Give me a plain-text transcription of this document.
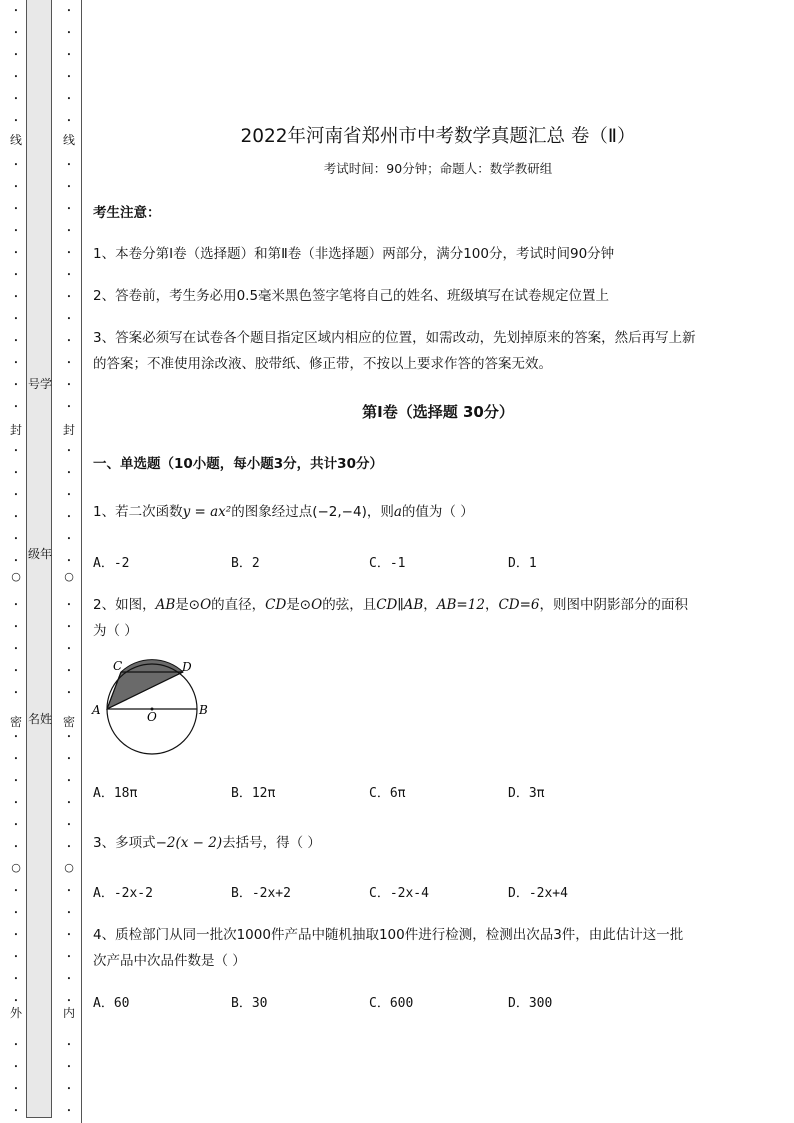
•
•
•
•
•
•
线
•
•
•
•
•
•
•
•
•
•
•
•
封
•
•
•
•
•
•
○
•
•
•
•
•
密
•
•
•
•
•
•
○
•
•
•
•
•
•
外
•
•
•
•
号学
级年
名姓
•
•
•
•
•
•
线
•
•
•
•
•
•
•
•
•
•
•
•
封
•
•
•
•
•
•
○
•
•
•
•
•
密
•
•
•
•
•
•
○
•
•
•
•
•
•
内
•
•
•
•
2022年河南省郑州市中考数学真题汇总 卷（Ⅱ）
考试时间：90分钟；命题人：数学教研组
考生注意：
1、本卷分第I卷（选择题）和第Ⅱ卷（非选择题）两部分，满分100分，考试时间90分钟
2、答卷前，考生务必用0.5毫米黑色签字笔将自己的姓名、班级填写在试卷规定位置上
3、答案必须写在试卷各个题目指定区域内相应的位置，如需改动，先划掉原来的答案，然后再写上新
的答案；不准使用涂改液、胶带纸、修正带，不按以上要求作答的答案无效。
第I卷（选择题 30分）
一、单选题（10小题，每小题3分，共计30分）
1、若二次函数y = ax²的图象经过点(−2,−4)，则a的值为（ ）
A．-2	B．2	C．-1	D．1
2、如图，AB是⊙O的直径，CD是⊙O的弦，且CD∥AB，AB=12，CD=6，则图中阴影部分的面积
为（ ）
A	B
C	D
O
A．18π	B．12π	C．6π	D．3π
3、多项式−2(x − 2)去括号，得（ ）
A．-2x-2	B．-2x+2	C．-2x-4	D．-2x+4
4、质检部门从同一批次1000件产品中随机抽取100件进行检测，检测出次品3件，由此估计这一批
次产品中次品件数是（ ）
A．60	B．30	C．600	D．300
